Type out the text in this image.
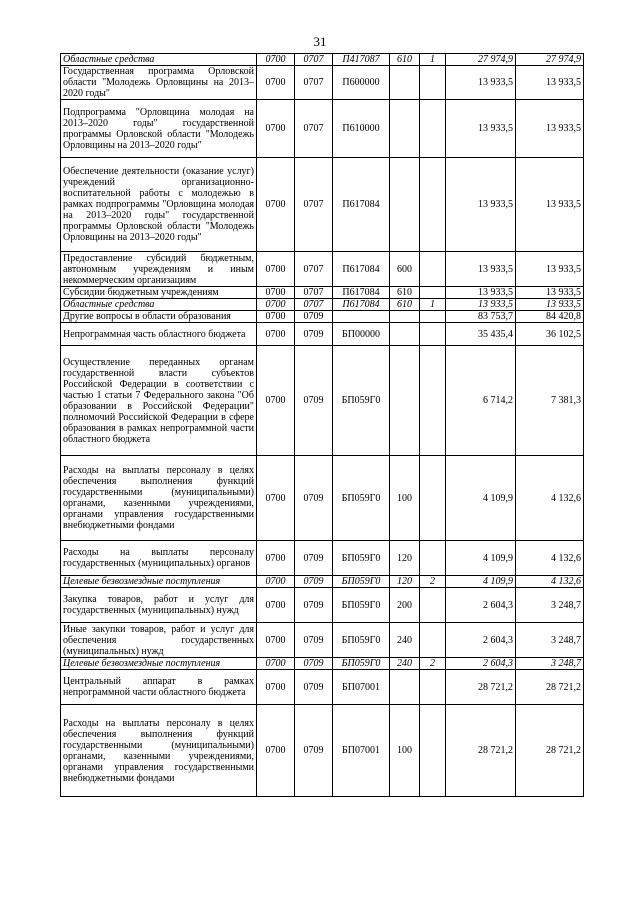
31
Областные средства	0700	0707	П417087	610	1	27 974,9	27 974,9
Государственная программа Орловской области "Молодежь Орловщины на 2013–2020 годы"	0700	0707	П600000			13 933,5	13 933,5
Подпрограмма "Орловщина молодая на 2013–2020 годы" государственной программы Орловской области "Молодежь Орловщины на 2013–2020 годы"	0700	0707	П610000			13 933,5	13 933,5
Обеспечение деятельности (оказание услуг) учреждений организационно-воспитательной работы с молодежью в рамках подпрограммы "Орловщина молодая на 2013–2020 годы" государственной программы Орловской области "Молодежь Орловщины на 2013–2020 годы"	0700	0707	П617084			13 933,5	13 933,5
Предоставление субсидий бюджетным, автономным учреждениям и иным некоммерческим организациям	0700	0707	П617084	600		13 933,5	13 933,5
Субсидии бюджетным учреждениям	0700	0707	П617084	610		13 933,5	13 933,5
Областные средства	0700	0707	П617084	610	1	13 933,5	13 933,5
Другие вопросы в области образования	0700	0709				83 753,7	84 420,8
Непрограммная часть областного бюджета	0700	0709	БП00000			35 435,4	36 102,5
Осуществление переданных органам государственной власти субъектов Российской Федерации в соответствии с частью 1 статьи 7 Федерального закона "Об образовании в Российской Федерации" полномочий Российской Федерации в сфере образования в рамках непрограммной части областного бюджета	0700	0709	БП059Г0			6 714,2	7 381,3
Расходы на выплаты персоналу в целях обеспечения выполнения функций государственными (муниципальными) органами, казенными учреждениями, органами управления государственными внебюджетными фондами	0700	0709	БП059Г0	100		4 109,9	4 132,6
Расходы на выплаты персоналу государственных (муниципальных) органов	0700	0709	БП059Г0	120		4 109,9	4 132,6
Целевые безвозмездные поступления	0700	0709	БП059Г0	120	2	4 109,9	4 132,6
Закупка товаров, работ и услуг для государственных (муниципальных) нужд	0700	0709	БП059Г0	200		2 604,3	3 248,7
Иные закупки товаров, работ и услуг для обеспечения государственных (муниципальных) нужд	0700	0709	БП059Г0	240		2 604,3	3 248,7
Целевые безвозмездные поступления	0700	0709	БП059Г0	240	2	2 604,3	3 248,7
Центральный аппарат в рамках непрограммной части областного бюджета	0700	0709	БП07001			28 721,2	28 721,2
Расходы на выплаты персоналу в целях обеспечения выполнения функций государственными (муниципальными) органами, казенными учреждениями, органами управления государственными внебюджетными фондами	0700	0709	БП07001	100		28 721,2	28 721,2
